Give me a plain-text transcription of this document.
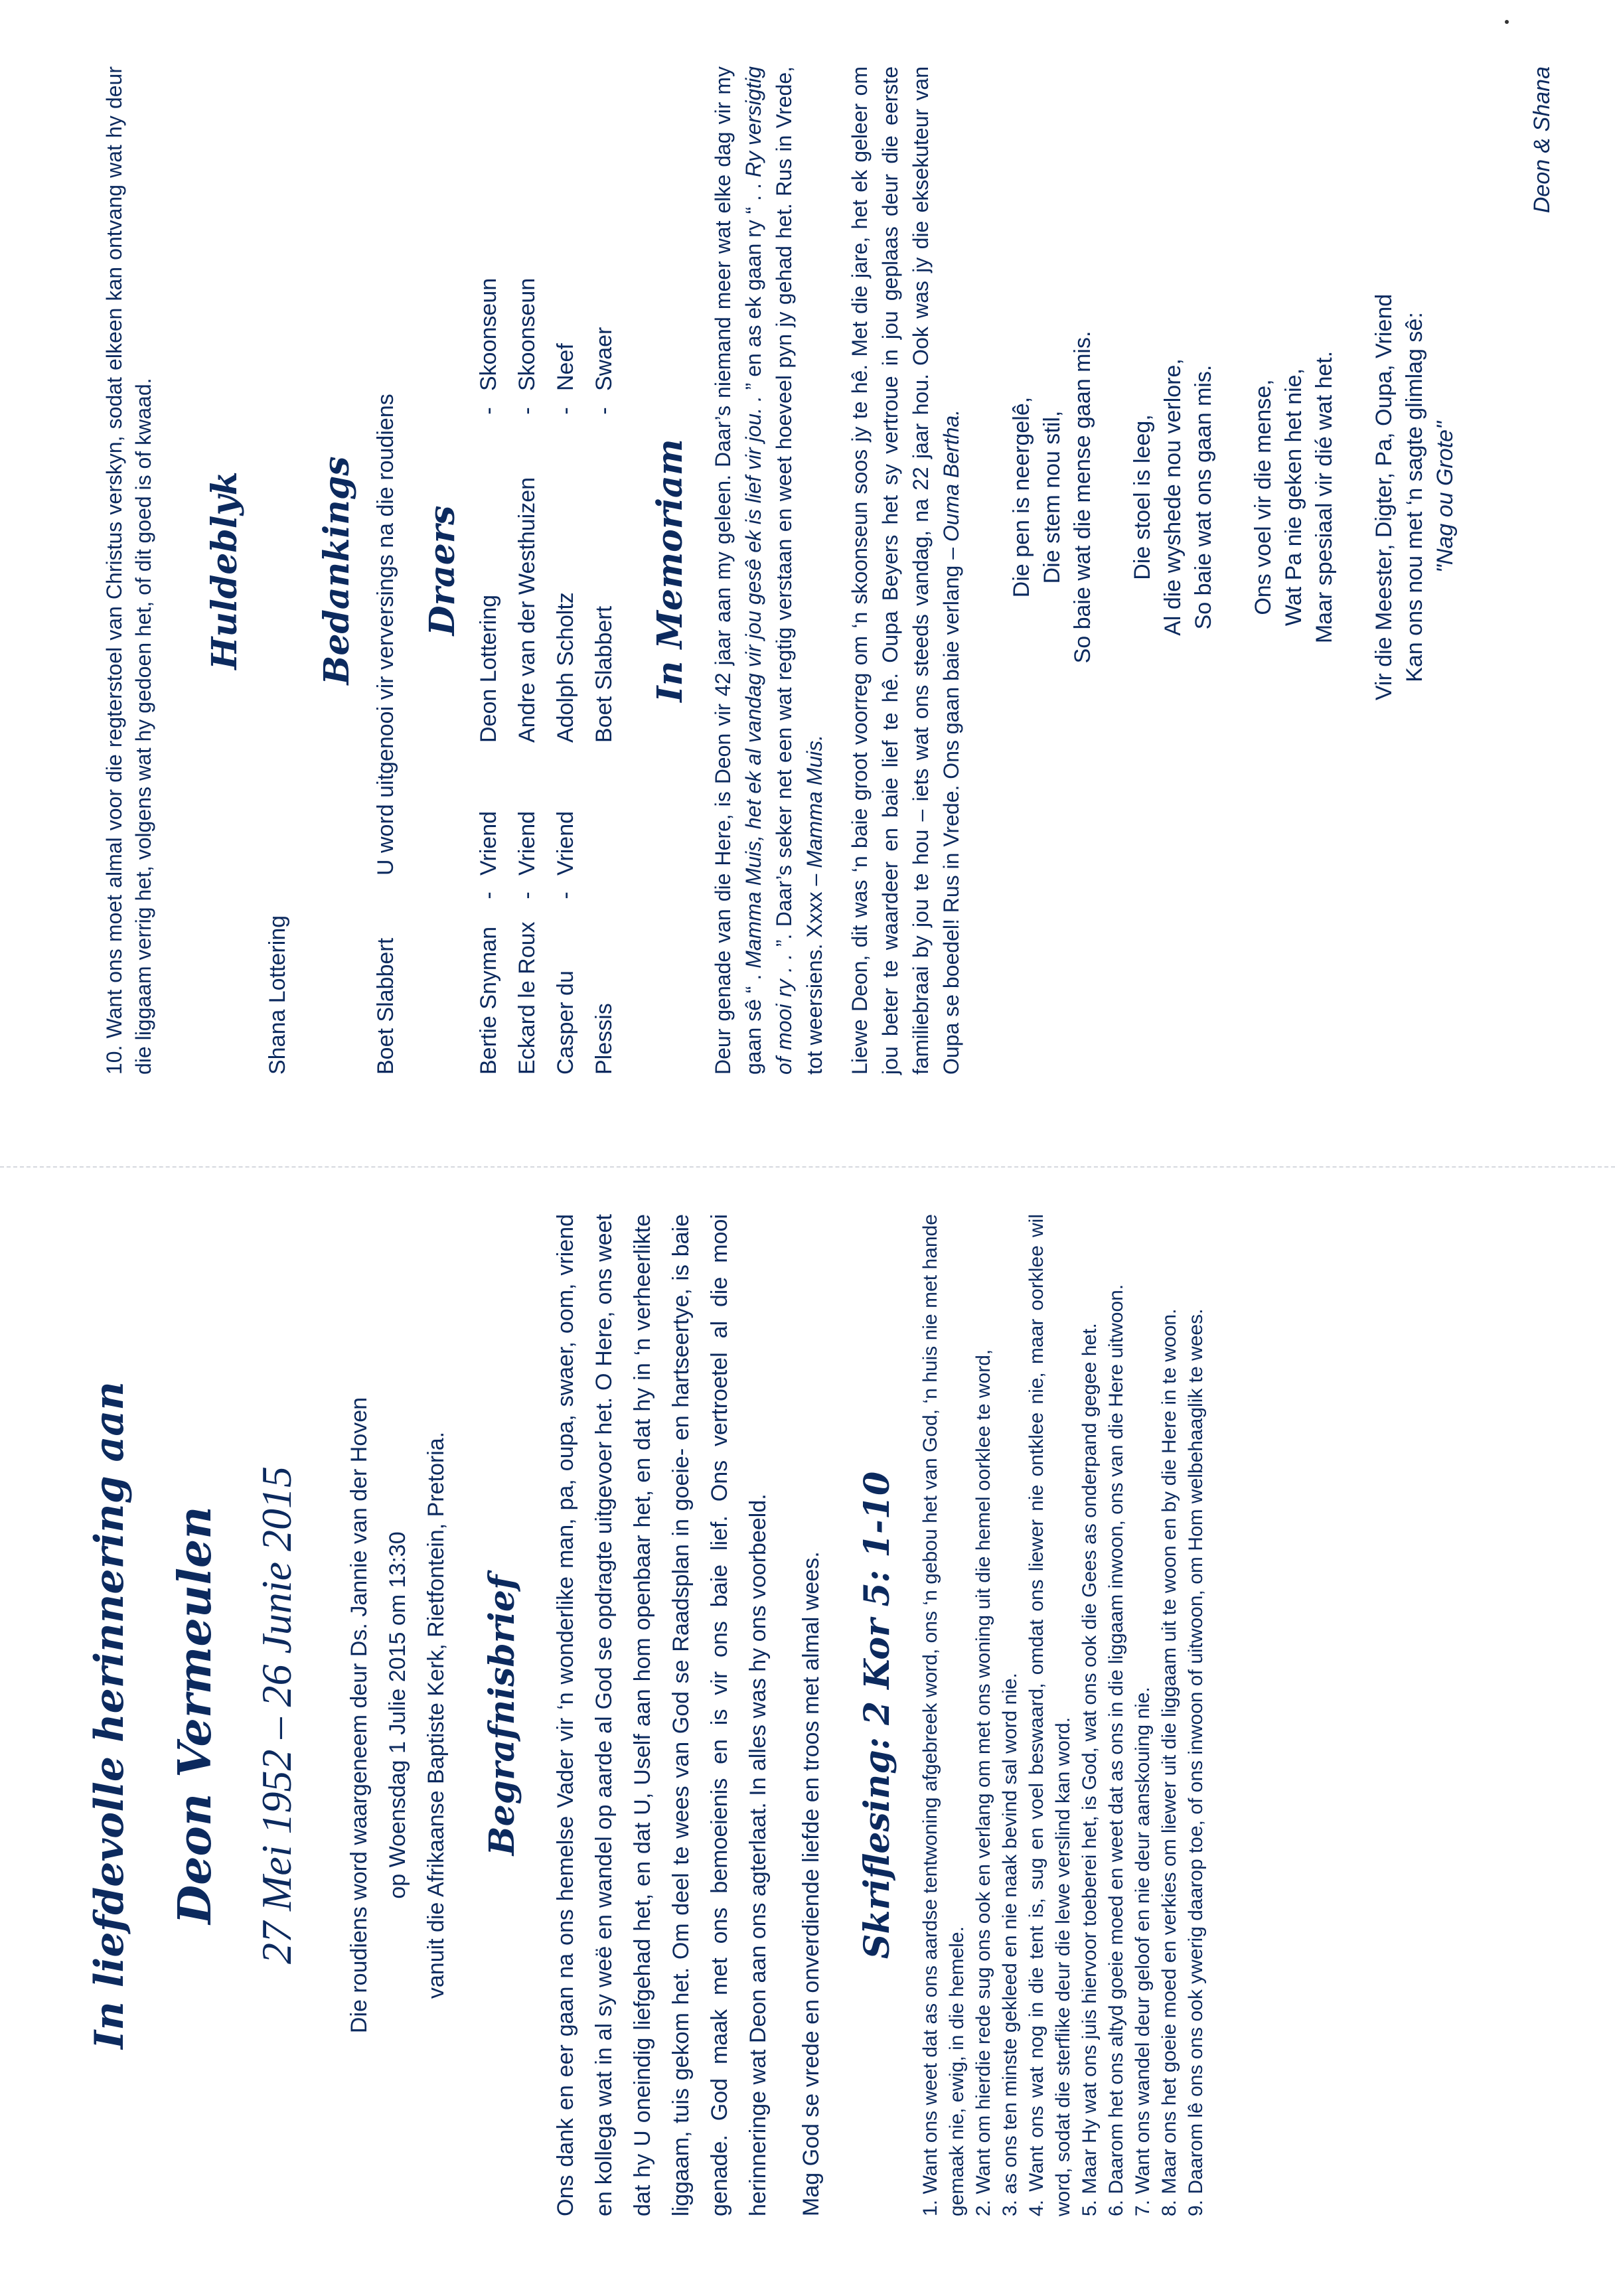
In liefdevolle herinnering aan Deon Vermeulen 27 Mei 1952 – 26 Junie 2015 Die roudiens word waargeneem deur Ds. Jannie van der Hoven op Woensdag 1 Julie 2015 om 13:30 vanuit die Afrikaanse Baptiste Kerk, Rietfontein, Pretoria. Begrafnisbrief Ons dank en eer gaan na ons hemelse Vader vir ‘n wonderlike man, pa, oupa, swaer, oom, vriend en kollega wat in al sy weë en wandel op aarde al God se opdragte uitgevoer het. O Here, ons weet dat hy U oneindig liefgehad het, en dat U, Uself aan hom openbaar het, en dat hy in ‘n verheerlikte liggaam, tuis gekom het. Om deel te wees van God se Raadsplan in goeie- en hartseertye, is baie genade. God maak met ons bemoeienis en is vir ons baie lief. Ons vertroetel al die mooi herinneringe wat Deon aan ons agterlaat. In alles was hy ons voorbeeld. Mag God se vrede en onverdiende liefde en troos met almal wees. Skriflesing: 2 Kor 5: 1-10 1. Want ons weet dat as ons aardse tentwoning afgebreek word, ons ‘n gebou het van God, ‘n huis nie met hande gemaak nie, ewig, in die hemele. 2. Want om hierdie rede sug ons ook en verlang om met ons woning uit die hemel oorklee te word, 3. as ons ten minste gekleed en nie naak bevind sal word nie. 4. Want ons wat nog in die tent is, sug en voel beswaard, omdat ons liewer nie ontklee nie, maar oorklee wil word, sodat die sterflike deur die lewe verslind kan word. 5. Maar Hy wat ons juis hiervoor toeberei het, is God, wat ons ook die Gees as onderpand gegee het. 6. Daarom het ons altyd goeie moed en weet dat as ons in die liggaam inwoon, ons van die Here uitwoon. 7. Want ons wandel deur geloof en nie deur aanskouing nie. 8. Maar ons het goeie moed en verkies om liewer uit die liggaam uit te woon en by die Here in te woon. 9. Daarom lê ons ons ook ywerig daarop toe, of ons inwoon of uitwoon, om Hom welbehaaglik te wees.

10. Want ons moet almal voor die regterstoel van Christus verskyn, sodat elkeen kan ontvang wat hy deur die liggaam verrig het, volgens wat hy gedoen het, of dit goed is of kwaad. Huldeblyk
Shana Lottering
Bedankings
Boet Slabbert
U word uitgenooi vir verversings na die roudiens Draers
Bertie Snyman
-
Vriend
Deon Lottering
-
Skoonseun
Eckard le Roux
-
Vriend
Andre van der Westhuizen
-
Skoonseun
Casper du
-
Vriend
Adolph Scholtz
-
Neef
Plessis
Boet Slabbert
-
Swaer
In Memoriam Deur genade van die Here, is Deon vir 42 jaar aan my geleen. Daar’s niemand meer wat elke dag vir my gaan sê “ . Mamma Muis, het ek al vandag vir jou gesê ek is lief vir jou. . ” en as ek gaan ry “ . . Ry versigtig of mooi ry . . ”. Daar’s seker net een wat regtig verstaan en weet hoeveel pyn jy gehad het. Rus in Vrede, tot weersiens. Xxxx – Mamma Muis. Liewe Deon, dit was ‘n baie groot voorreg om ‘n skoonseun soos jy te hê. Met die jare, het ek geleer om jou beter te waardeer en baie lief te hê. Oupa Beyers het sy vertroue in jou geplaas deur die eerste familiebraai by jou te hou – iets wat ons steeds vandag, na 22 jaar hou. Ook was jy die eksekuteur van Oupa se boedel! Rus in Vrede. Ons gaan baie verlang – Ouma Bertha. Die pen is neergelê, Die stem nou stil, So baie wat die mense gaan mis. Die stoel is leeg, Al die wyshede nou verlore, So baie wat ons gaan mis. Ons voel vir die mense, Wat Pa nie geken het nie, Maar spesiaal vir dié wat het. Vir die Meester, Digter, Pa, Oupa, Vriend Kan ons nou met ‘n sagte glimlag sê: "Nag ou Grote"
Deon & Shana
